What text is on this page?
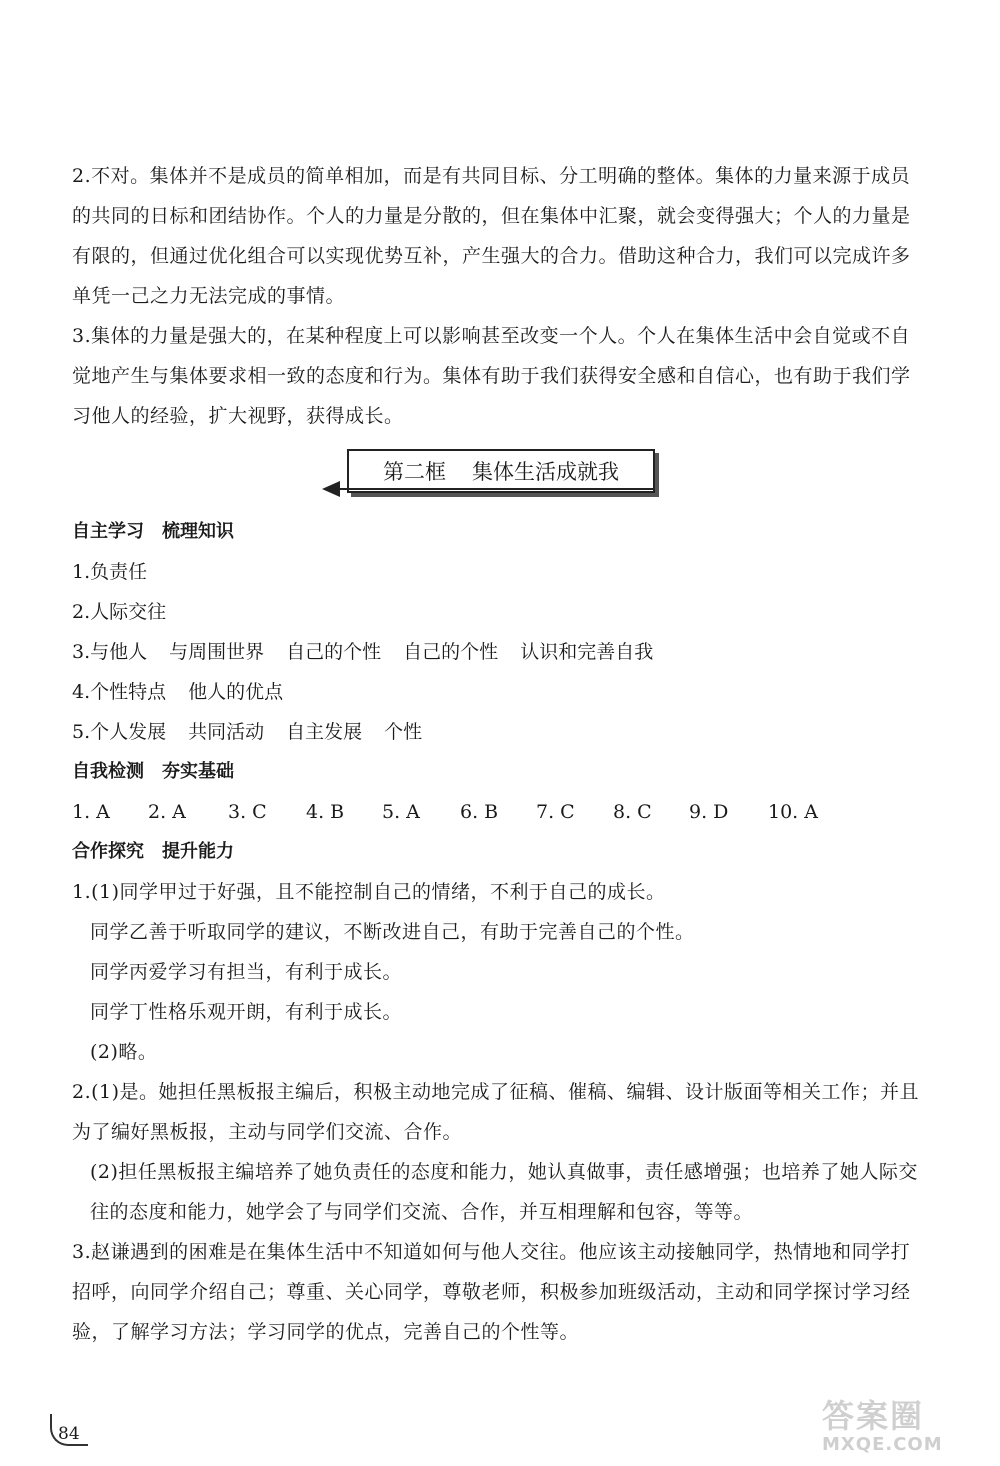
2.不对。集体并不是成员的简单相加，而是有共同目标、分工明确的整体。集体的力量来源于成员的共同的日标和团结协作。个人的力量是分散的，但在集体中汇聚，就会变得强大；个人的力量是有限的，但通过优化组合可以实现优势互补，产生强大的合力。借助这种合力，我们可以完成许多单凭一己之力无法完成的事情。

3.集体的力量是强大的，在某种程度上可以影响甚至改变一个人。个人在集体生活中会自觉或不自觉地产生与集体要求相一致的态度和行为。集体有助于我们获得安全感和自信心，也有助于我们学习他人的经验，扩大视野，获得成长。

第二框 集体生活成就我

自主学习 梳理知识

1.负责任

2.人际交往

3.与他人 与周围世界 自己的个性 自己的个性 认识和完善自我

4.个性特点 他人的优点

5.个人发展 共同活动 自主发展 个性

自我检测 夯实基础

1. A 2. A 3. C 4. B 5. A 6. B 7. C 8. C 9. D 10. A

合作探究 提升能力

1.(1)同学甲过于好强，且不能控制自己的情绪，不利于自己的成长。

同学乙善于听取同学的建议，不断改进自己，有助于完善自己的个性。

同学丙爱学习有担当，有利于成长。

同学丁性格乐观开朗，有利于成长。

(2)略。

2.(1)是。她担任黑板报主编后，积极主动地完成了征稿、催稿、编辑、设计版面等相关工作；并且为了编好黑板报，主动与同学们交流、合作。

(2)担任黑板报主编培养了她负责任的态度和能力，她认真做事，责任感增强；也培养了她人际交往的态度和能力，她学会了与同学们交流、合作，并互相理解和包容，等等。

3.赵谦遇到的困难是在集体生活中不知道如何与他人交往。他应该主动接触同学，热情地和同学打招呼，向同学介绍自己；尊重、关心同学，尊敬老师，积极参加班级活动，主动和同学探讨学习经验，了解学习方法；学习同学的优点，完善自己的个性等。

84	答案圈
MXQE.COM
